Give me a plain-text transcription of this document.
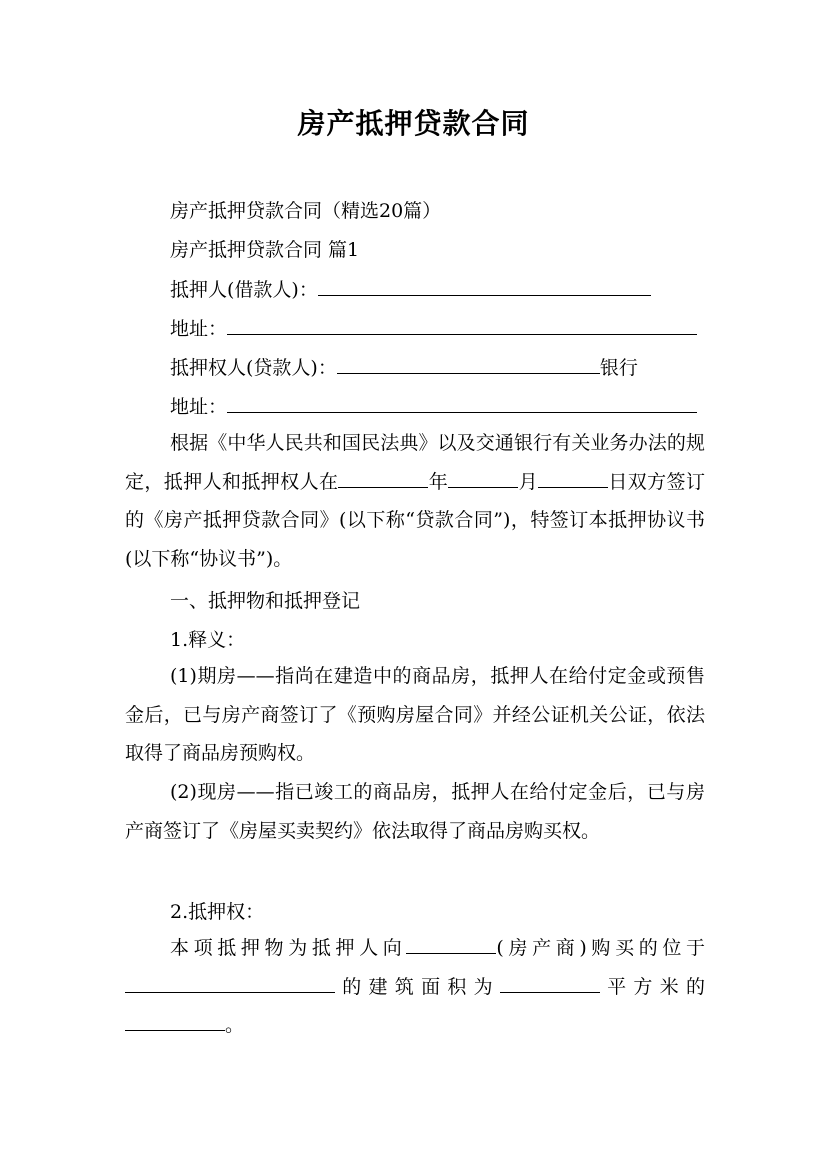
房产抵押贷款合同
房产抵押贷款合同（精选20篇）
房产抵押贷款合同 篇1
抵押人(借款人)：
地址：
抵押权人(贷款人)：	银行
地址：
根据《中华人民共和国民法典》以及交通银行有关业务办法的规定，抵押人和抵押权人在	年	月	日双方签订的《房产抵押贷款合同》(以下称“贷款合同”)，特签订本抵押协议书(以下称“协议书”)。
一、抵押物和抵押登记
1.释义：
(1)期房——指尚在建造中的商品房，抵押人在给付定金或预售金后，已与房产商签订了《预购房屋合同》并经公证机关公证，依法取得了商品房预购权。
(2)现房——指已竣工的商品房，抵押人在给付定金后，已与房产商签订了《房屋买卖契约》依法取得了商品房购买权。
2.抵押权：
本项抵押物为抵押人向	(房产商)购买的位于的建筑面积为	平方米的。
